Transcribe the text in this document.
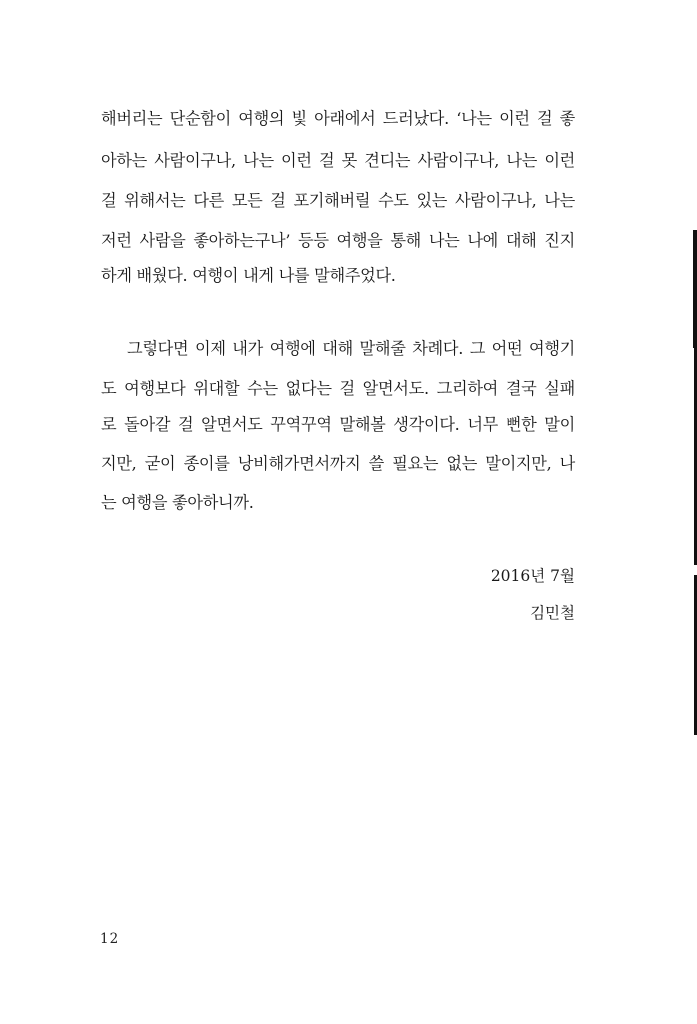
해버리는 단순함이 여행의 빛 아래에서 드러났다. ‘나는 이런 걸 좋
아하는 사람이구나, 나는 이런 걸 못 견디는 사람이구나, 나는 이런
걸 위해서는 다른 모든 걸 포기해버릴 수도 있는 사람이구나, 나는
저런 사람을 좋아하는구나’ 등등 여행을 통해 나는 나에 대해 진지
하게 배웠다. 여행이 내게 나를 말해주었다.
그렇다면 이제 내가 여행에 대해 말해줄 차례다. 그 어떤 여행기
도 여행보다 위대할 수는 없다는 걸 알면서도. 그리하여 결국 실패
로 돌아갈 걸 알면서도 꾸역꾸역 말해볼 생각이다. 너무 뻔한 말이
지만, 굳이 종이를 낭비해가면서까지 쓸 필요는 없는 말이지만, 나
는 여행을 좋아하니까.
2016년 7월
김민철
12
